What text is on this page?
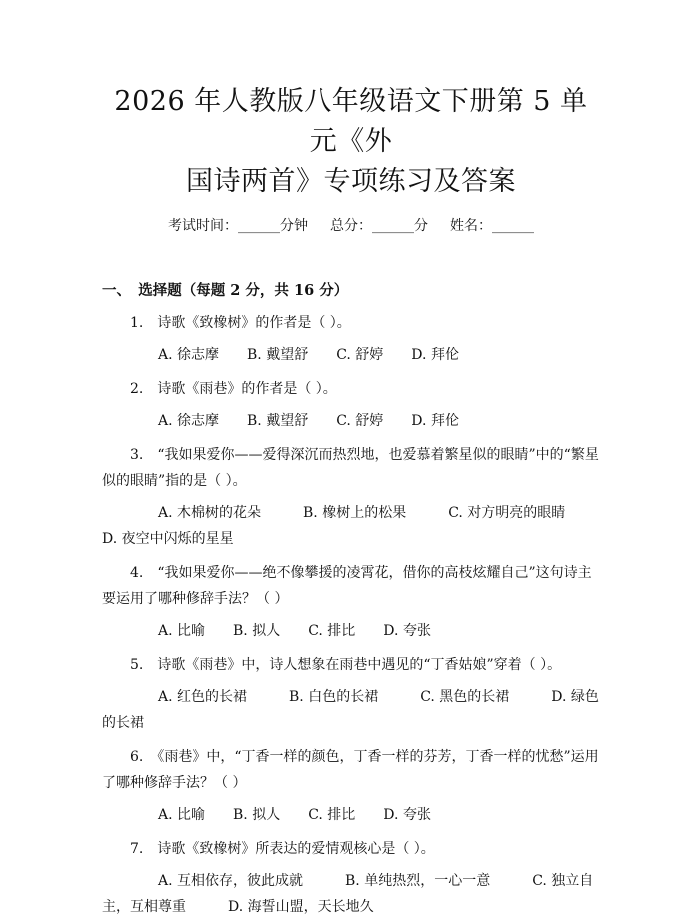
2026 年人教版八年级语文下册第 5 单元《外
国诗两首》专项练习及答案
考试时间：______分钟 总分：______分 姓名：______
一、　选择题（每题 2 分，共 16 分）
1.　诗歌《致橡树》的作者是（ ）。
A. 徐志摩　　B. 戴望舒　　C. 舒婷　　D. 拜伦
2.　诗歌《雨巷》的作者是（ ）。
A. 徐志摩　　B. 戴望舒　　C. 舒婷　　D. 拜伦
3.　“我如果爱你——爱得深沉而热烈地，也爱慕着繁星似的眼睛”中的“繁星似的眼睛”指的是（ ）。
A. 木棉树的花朵　　　B. 橡树上的松果　　　C. 对方明亮的眼睛　　　D. 夜空中闪烁的星星
4.　“我如果爱你——绝不像攀援的凌霄花，借你的高枝炫耀自己”这句诗主要运用了哪种修辞手法？（ ）
A. 比喻　　B. 拟人　　C. 排比　　D. 夸张
5.　诗歌《雨巷》中，诗人想象在雨巷中遇见的“丁香姑娘”穿着（ ）。
A. 红色的长裙　　　B. 白色的长裙　　　C. 黑色的长裙　　　D. 绿色的长裙
6.　《雨巷》中，“丁香一样的颜色，丁香一样的芬芳，丁香一样的忧愁”运用了哪种修辞手法？（ ）
A. 比喻　　B. 拟人　　C. 排比　　D. 夸张
7.　诗歌《致橡树》所表达的爱情观核心是（ ）。
A. 互相依存，彼此成就　　　B. 单纯热烈，一心一意　　　C. 独立自主，互相尊重　　　D. 海誓山盟，天长地久
